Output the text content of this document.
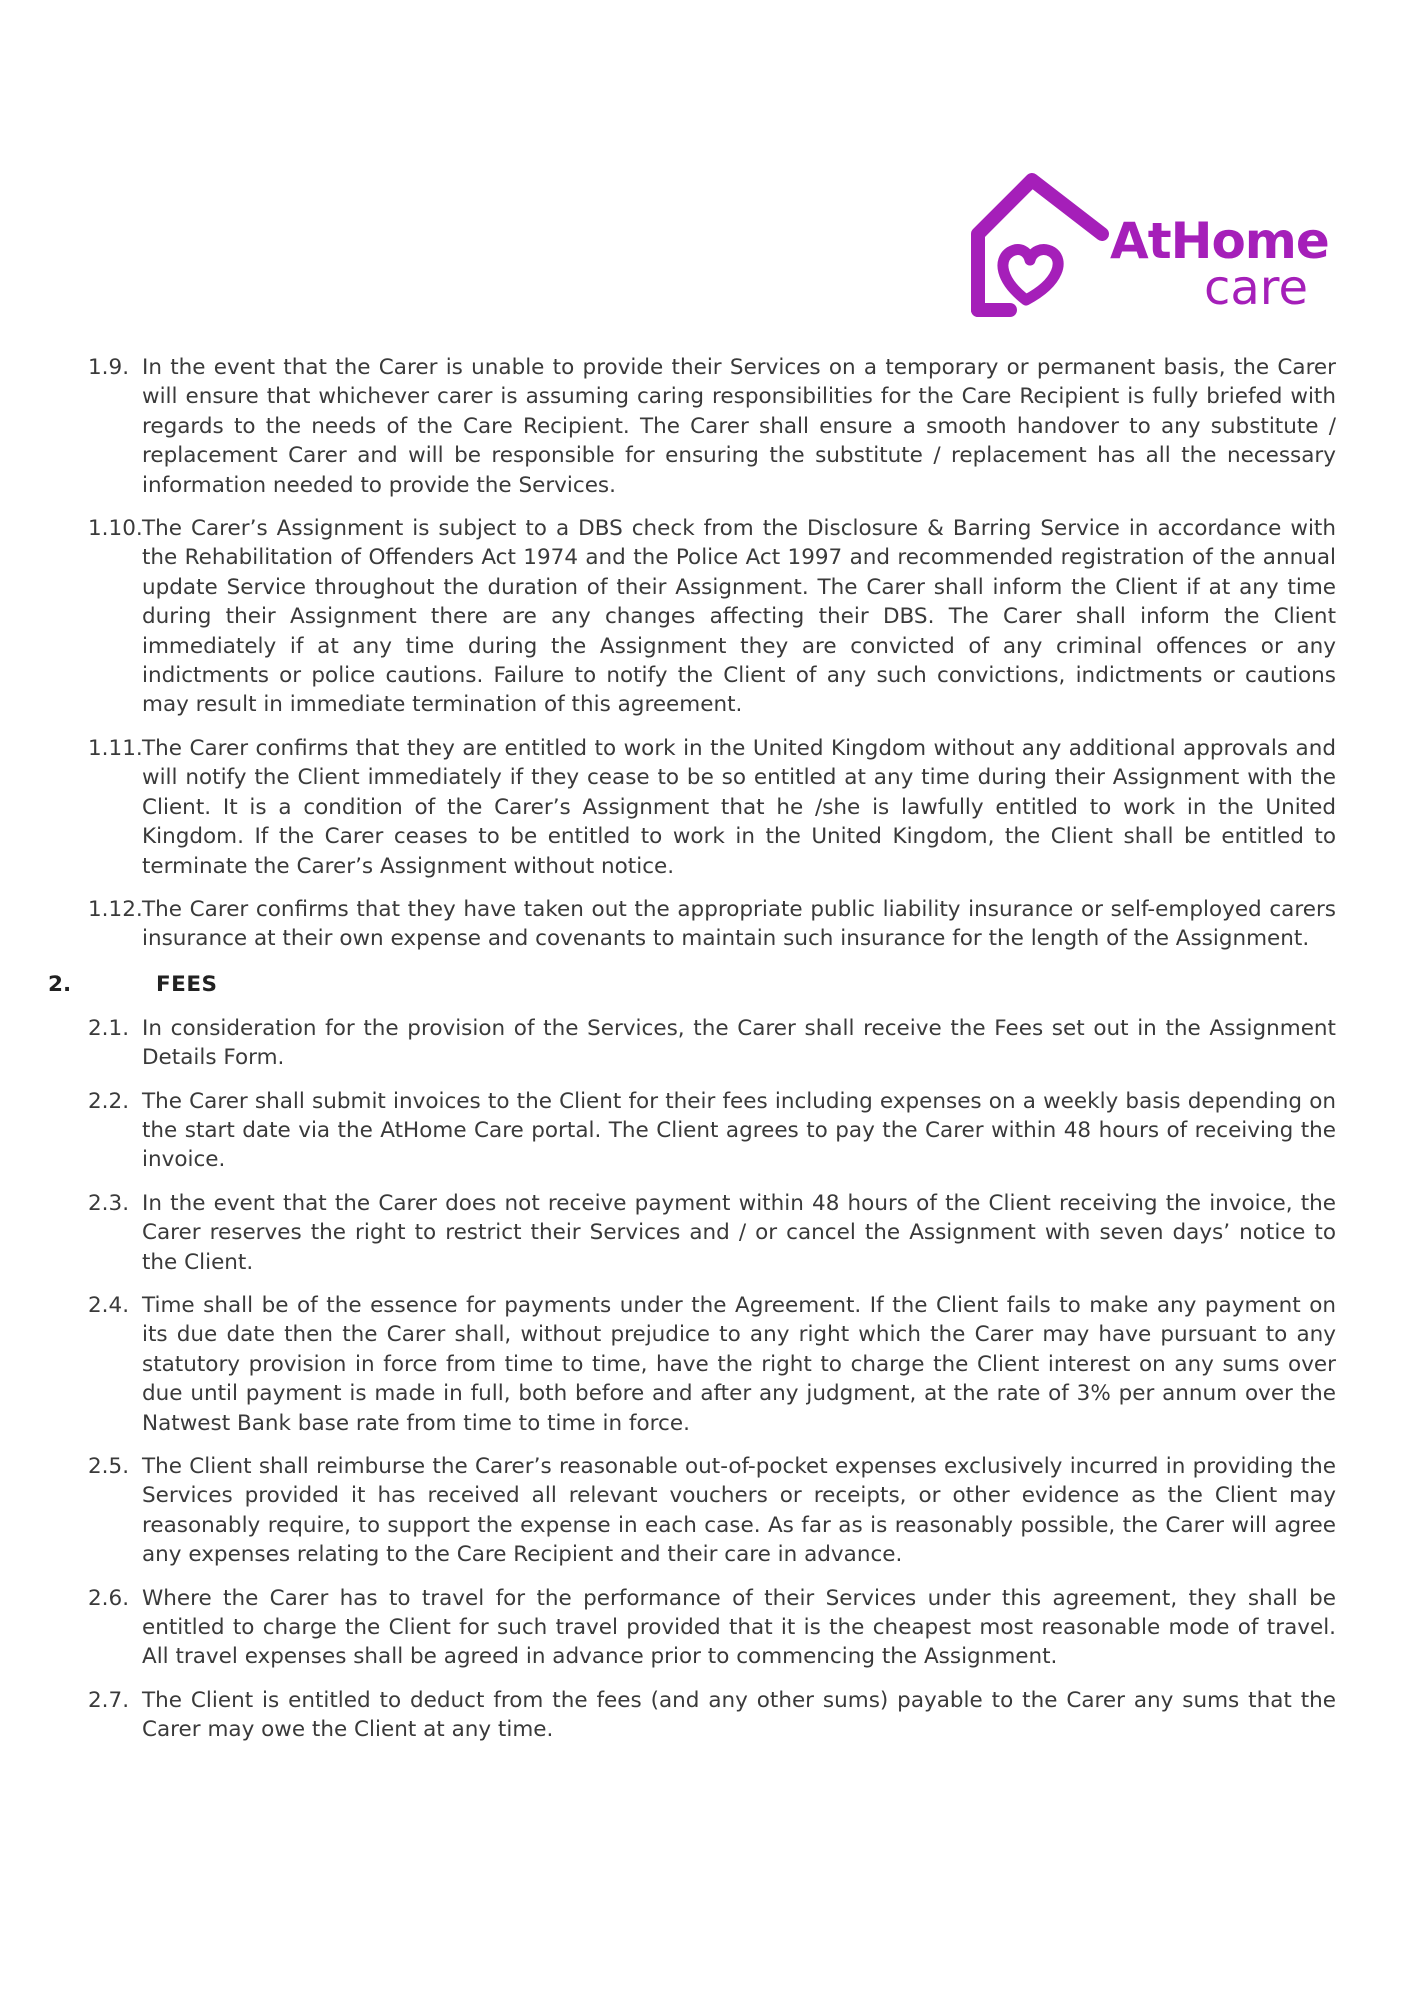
AtHome
care
1.9. In the event that the Carer is unable to provide their Services on a temporary or permanent basis, the Carer will ensure that whichever carer is assuming caring responsibilities for the Care Recipient is fully briefed with regards to the needs of the Care Recipient. The Carer shall ensure a smooth handover to any substitute / replacement Carer and will be responsible for ensuring the substitute / replacement has all the necessary information needed to provide the Services.
1.10. The Carer’s Assignment is subject to a DBS check from the Disclosure & Barring Service in accordance with the Rehabilitation of Offenders Act 1974 and the Police Act 1997 and recommended registration of the annual update Service throughout the duration of their Assignment. The Carer shall inform the Client if at any time during their Assignment there are any changes affecting their DBS. The Carer shall inform the Client immediately if at any time during the Assignment they are convicted of any criminal offences or any indictments or police cautions. Failure to notify the Client of any such convictions, indictments or cautions may result in immediate termination of this agreement.
1.11. The Carer confirms that they are entitled to work in the United Kingdom without any additional approvals and will notify the Client immediately if they cease to be so entitled at any time during their Assignment with the Client. It is a condition of the Carer’s Assignment that he /she is lawfully entitled to work in the United Kingdom. If the Carer ceases to be entitled to work in the United Kingdom, the Client shall be entitled to terminate the Carer’s Assignment without notice.
1.12. The Carer confirms that they have taken out the appropriate public liability insurance or self-employed carers insurance at their own expense and covenants to maintain such insurance for the length of the Assignment.
2.	FEES
2.1. In consideration for the provision of the Services, the Carer shall receive the Fees set out in the Assignment Details Form.
2.2. The Carer shall submit invoices to the Client for their fees including expenses on a weekly basis depending on the start date via the AtHome Care portal. The Client agrees to pay the Carer within 48 hours of receiving the invoice.
2.3. In the event that the Carer does not receive payment within 48 hours of the Client receiving the invoice, the Carer reserves the right to restrict their Services and / or cancel the Assignment with seven days’ notice to the Client.
2.4. Time shall be of the essence for payments under the Agreement. If the Client fails to make any payment on its due date then the Carer shall, without prejudice to any right which the Carer may have pursuant to any statutory provision in force from time to time, have the right to charge the Client interest on any sums over due until payment is made in full, both before and after any judgment, at the rate of 3% per annum over the Natwest Bank base rate from time to time in force.
2.5. The Client shall reimburse the Carer’s reasonable out-of-pocket expenses exclusively incurred in providing the Services provided it has received all relevant vouchers or receipts, or other evidence as the Client may reasonably require, to support the expense in each case. As far as is reasonably possible, the Carer will agree any expenses relating to the Care Recipient and their care in advance.
2.6. Where the Carer has to travel for the performance of their Services under this agreement, they shall be entitled to charge the Client for such travel provided that it is the cheapest most reasonable mode of travel. All travel expenses shall be agreed in advance prior to commencing the Assignment.
2.7. The Client is entitled to deduct from the fees (and any other sums) payable to the Carer any sums that the Carer may owe the Client at any time.
